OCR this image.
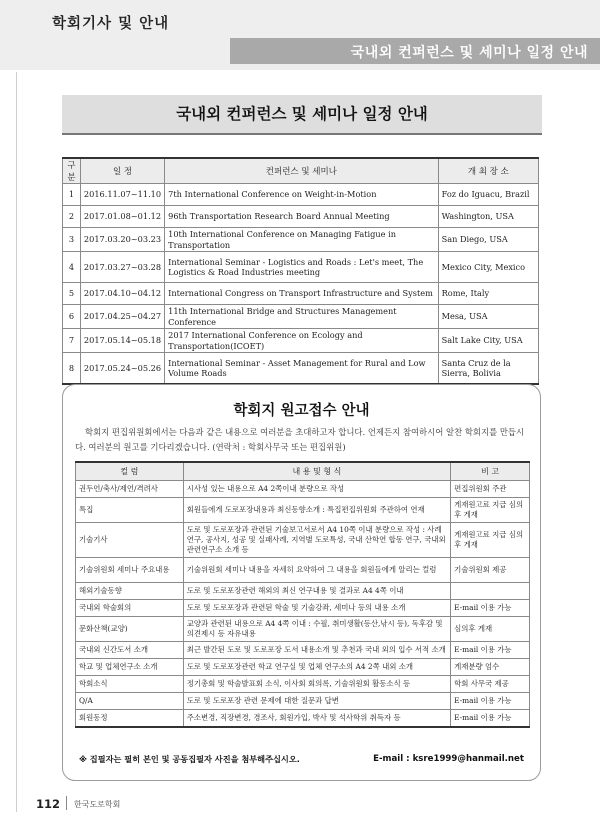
학회기사 및 안내
국내외 컨퍼런스 및 세미나 일정 안내
국내외 컨퍼런스 및 세미나 일정 안내
구분	일 정	컨퍼런스 및 세미나	개 최 장 소
1	2016.11.07~11.10	7th International Conference on Weight-in-Motion	Foz do Iguacu, Brazil
2	2017.01.08~01.12	96th Transportation Research Board Annual Meeting	Washington, USA
3	2017.03.20~03.23	10th International Conference on Managing Fatigue in Transportation	San Diego, USA
4	2017.03.27~03.28	International Seminar - Logistics and Roads : Let's meet, The Logistics & Road Industries meeting	Mexico City, Mexico
5	2017.04.10~04.12	International Congress on Transport Infrastructure and System	Rome, Italy
6	2017.04.25~04.27	11th International Bridge and Structures Management Conference	Mesa, USA
7	2017.05.14~05.18	2017 International Conference on Ecology and Transportation(ICOET)	Salt Lake City, USA
8	2017.05.24~05.26	International Seminar - Asset Management for Rural and Low Volume Roads	Santa Cruz de la Sierra, Bolivia
학회지 원고접수 안내
학회지 편집위원회에서는 다음과 같은 내용으로 여러분을 초대하고자 합니다. 언제든지 참여하시어 알찬 학회지를 만듭시다. 여러분의 원고를 기다리겠습니다. (연락처 : 학회사무국 또는 편집위원)
컬 럼	내 용 및 형 식	비 고
권두언/축사/제언/격려사	시사성 있는 내용으로 A4 2쪽이내 분량으로 작성	편집위원회 주관
특집	회원들에게 도로포장내용과 최신동향소개 : 특집편집위원회 주관하여 연재	게재원고료 지급 심의후 게재
기술기사	도로 및 도로포장과 관련된 기술보고서로서 A4 10쪽 이내 분량으로 작성 : 사례연구, 공사지, 성공 및 실패사례, 지역별 도로특성, 국내 산학연 합동 연구, 국내외 관련연구소 소개 등	게재원고료 지급 심의후 게재
기술위원회 세미나 주요내용	기술위원회 세미나 내용을 자세히 요약하여 그 내용을 회원들에게 알리는 컬럼	기술위원회 제공
해외기술동향	도로 및 도로포장관련 해외의 최신 연구내용 및 결과로 A4 4쪽 이내	
국내외 학술회의	도로 및 도로포장과 관련된 학술 및 기술강좌, 세미나 등의 내용 소개	E-mail 이용 가능
문화산책(교양)	교양과 관련된 내용으로 A4 4쪽 이내 : 수필, 취미생활(등산,낚시 등), 독후감 및 의견제시 등 자유내용	심의후 게재
국내외 신간도서 소개	최근 발간된 도로 및 도로포장 도서 내용소개 및 추천과 국내 외의 입수 서적 소개	E-mail 이용 가능
학교 및 업체연구소 소개	도로 및 도로포장관련 학교 연구실 및 업체 연구소의 A4 2쪽 내외 소개	게재분량 엄수
학회소식	정기총회 및 학술발표회 소식, 이사회 회의록, 기술위원회 활동소식 등	학회 사무국 제공
Q/A	도로 및 도로포장 관련 문제에 대한 질문과 답변	E-mail 이용 가능
회원동정	주소변경, 직장변경, 경조사, 회원가입, 박사 및 석사학위 취득자 등	E-mail 이용 가능
※ 집필자는 필히 본인 및 공동집필자 사진을 첨부해주십시오.	E-mail : ksre1999@hanmail.net
112 한국도로학회
